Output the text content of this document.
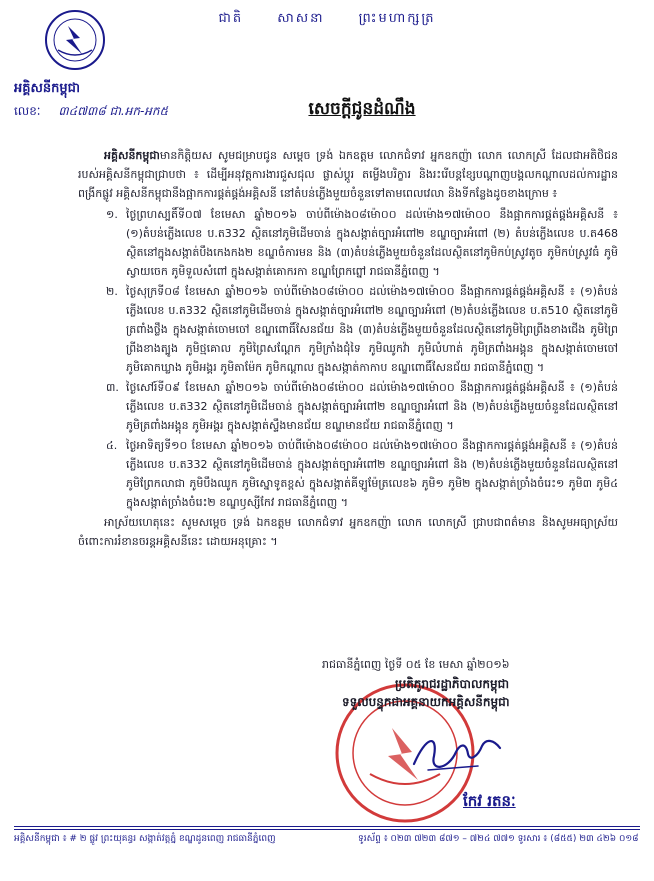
ជាតិ	សាសនា	ព្រះមហាក្សត្រ
អគ្គិសនីកម្ពុជា
លេខៈ ៣៤៧៣៨ ជា.អក-អក៥	សេចក្តីជូនដំណឹង

អគ្គិសនីកម្ពុជាមានកិត្តិយស សូមជម្រាបជូន សម្តេច ទ្រង់ ឯកឧត្តម លោកជំទាវ អ្នកឧកញ៉ា លោក លោកស្រី ដែលជាអតិថិជនរបស់អគ្គិសនីកម្ពុជាជ្រាបថា ៖ ដើម្បីអនុវត្តការងារជួសជុល ផ្លាស់ប្តូរ តម្លើងបរិក្ខារ និងរះរើបន្តខ្សែបណ្តាញបង្គលកណ្តាលដល់ការដ្ឋានពង្រីកផ្លូវ អគ្គិសនីកម្ពុជានឹងផ្អាកការផ្គត់ផ្គង់អគ្គិសនី នៅតំបន់ភ្លើងមួយចំនួនទៅតាមពេលវេលា និងទីកន្លែងដូចខាងក្រោម ៖

១. ថ្ងៃព្រហស្បតិ៍ទី០៧ ខែមេសា ឆ្នាំ២០១៦ ចាប់ពីម៉ោង០៨ម៉ោ០០ ដល់ម៉ោង១៧ម៉ោ០០ នឹងផ្អាកការផ្គត់ផ្គង់អគ្គិសនី ៖ (១)តំបន់ភ្លើងលេខ ប.ត332 ស្ថិតនៅភូមិដើមចាន់ ក្នុងសង្កាត់ច្បារអំពៅ២ ខណ្ឌច្បារអំពៅ (២) តំបន់ភ្លើងលេខ ប.ត468 ស្ថិតនៅក្នុងសង្កាត់បឹងកេងកង២ ខណ្ឌចំការមន និង (៣)តំបន់ភ្លើងមួយចំនួនដែលស្ថិតនៅភូមិកប់ស្រូវតូច ភូមិកប់ស្រូវធំ ភូមិស្វាយចេក ភូមិទួលសំពៅ ក្នុងសង្កាត់គោករកា ខណ្ឌព្រែកព្នៅ រាជធានីភ្នំពេញ ។
២. ថ្ងៃសុក្រទី០៨ ខែមេសា ឆ្នាំ២០១៦ ចាប់ពីម៉ោង០៨ម៉ោ០០ ដល់ម៉ោង១៧ម៉ោ០០ នឹងផ្អាកការផ្គត់ផ្គង់អគ្គិសនី ៖ (១)តំបន់ភ្លើងលេខ ប.ត332 ស្ថិតនៅភូមិដើមចាន់ ក្នុងសង្កាត់ច្បារអំពៅ២ ខណ្ឌច្បារអំពៅ (២)តំបន់ភ្លើងលេខ ប.ត510 ស្ថិតនៅភូមិត្រពាំងថ្លឹង ក្នុងសង្កាត់ចោមចៅ ខណ្ឌពោធិ៍សែនជ័យ និង (៣)តំបន់ភ្លើងមួយចំនួនដែលស្ថិតនៅភូមិព្រៃព្រីងខាងជើង ភូមិព្រៃព្រីងខាងត្បូង ភូមិថ្មគោល ភូមិព្រៃសណ្តែក ភូមិក្រាំងជុំទៃ ភូមិឈូកវ៉ា ភូមិលំហាត់ ភូមិត្រពាំងអង្គុន ក្នុងសង្កាត់ចោមចៅ ភូមិគោកឃ្លាង ភូមិអង្គរ ភូមិតាម៉ែក ភូមិកណ្តាល ក្នុងសង្កាត់កាកាប ខណ្ឌពោធិ៍សែនជ័យ រាជធានីភ្នំពេញ ។
៣. ថ្ងៃសៅរ៍ទី០៩ ខែមេសា ឆ្នាំ២០១៦ ចាប់ពីម៉ោង០៨ម៉ោ០០ ដល់ម៉ោង១៧ម៉ោ០០ នឹងផ្អាកការផ្គត់ផ្គង់អគ្គិសនី ៖ (១)តំបន់ភ្លើងលេខ ប.ត332 ស្ថិតនៅភូមិដើមចាន់ ក្នុងសង្កាត់ច្បារអំពៅ២ ខណ្ឌច្បារអំពៅ និង (២)តំបន់ភ្លើងមួយចំនួនដែលស្ថិតនៅភូមិត្រពាំងអង្គុន ភូមិអង្គរ ក្នុងសង្កាត់ស្ទឹងមានជ័យ ខណ្ឌមានជ័យ រាជធានីភ្នំពេញ ។
៤. ថ្ងៃអាទិត្យទី១០ ខែមេសា ឆ្នាំ២០១៦ ចាប់ពីម៉ោង០៨ម៉ោ០០ ដល់ម៉ោង១៧ម៉ោ០០ នឹងផ្អាកការផ្គត់ផ្គង់អគ្គិសនី ៖ (១)តំបន់ភ្លើងលេខ ប.ត332 ស្ថិតនៅភូមិដើមចាន់ ក្នុងសង្កាត់ច្បារអំពៅ២ ខណ្ឌច្បារអំពៅ និង (២)តំបន់ភ្លើងមួយចំនួនដែលស្ថិតនៅភូមិព្រែកលាជា ភូមិបឹងឈូក ភូមិស្នោទូតខ្ពស់ ក្នុងសង្កាត់គីឡូម៉ែត្រលេខ៦ ភូមិ១ ភូមិ២ ក្នុងសង្កាត់ច្រាំងចំរេះ១ ភូមិ៣ ភូមិ៤ ក្នុងសង្កាត់ច្រាំងចំរេះ២ ខណ្ឌឫស្សីកែវ រាជធានីភ្នំពេញ ។

អាស្រ័យហេតុនេះ សូមសម្តេច ទ្រង់ ឯកឧត្តម លោកជំទាវ អ្នកឧកញ៉ា លោក លោកស្រី ជ្រាបជាពត៌មាន និងសូមអធ្យាស្រ័យចំពោះការរំខានចរន្តអគ្គិសនីនេះ ដោយអនុគ្រោះ ។

រាជធានីភ្នំពេញ ថ្ងៃទី ០៥ ខែ មេសា ឆ្នាំ២០១៦
ប្រតិភូរាជរដ្ឋាភិបាលកម្ពុជា
ទទួលបន្ទុកជាអគ្គនាយកអគ្គិសនីកម្ពុជា
កែវ រតនៈ
អគ្គិសនីកម្ពុជា ៖ # ២ ផ្លូវ ព្រះយុគន្ធរ សង្កាត់វត្តភ្នំ ខណ្ឌដូនពេញ រាជធានីភ្នំពេញ	ទូរស័ព្ទ ៖ ០២៣ ៧២៣ ៨៧១ – ៧២៤ ៧៧១ ទូរសារ ៖ (៨៥៥) ២៣ ៤២៦ ០១៨
